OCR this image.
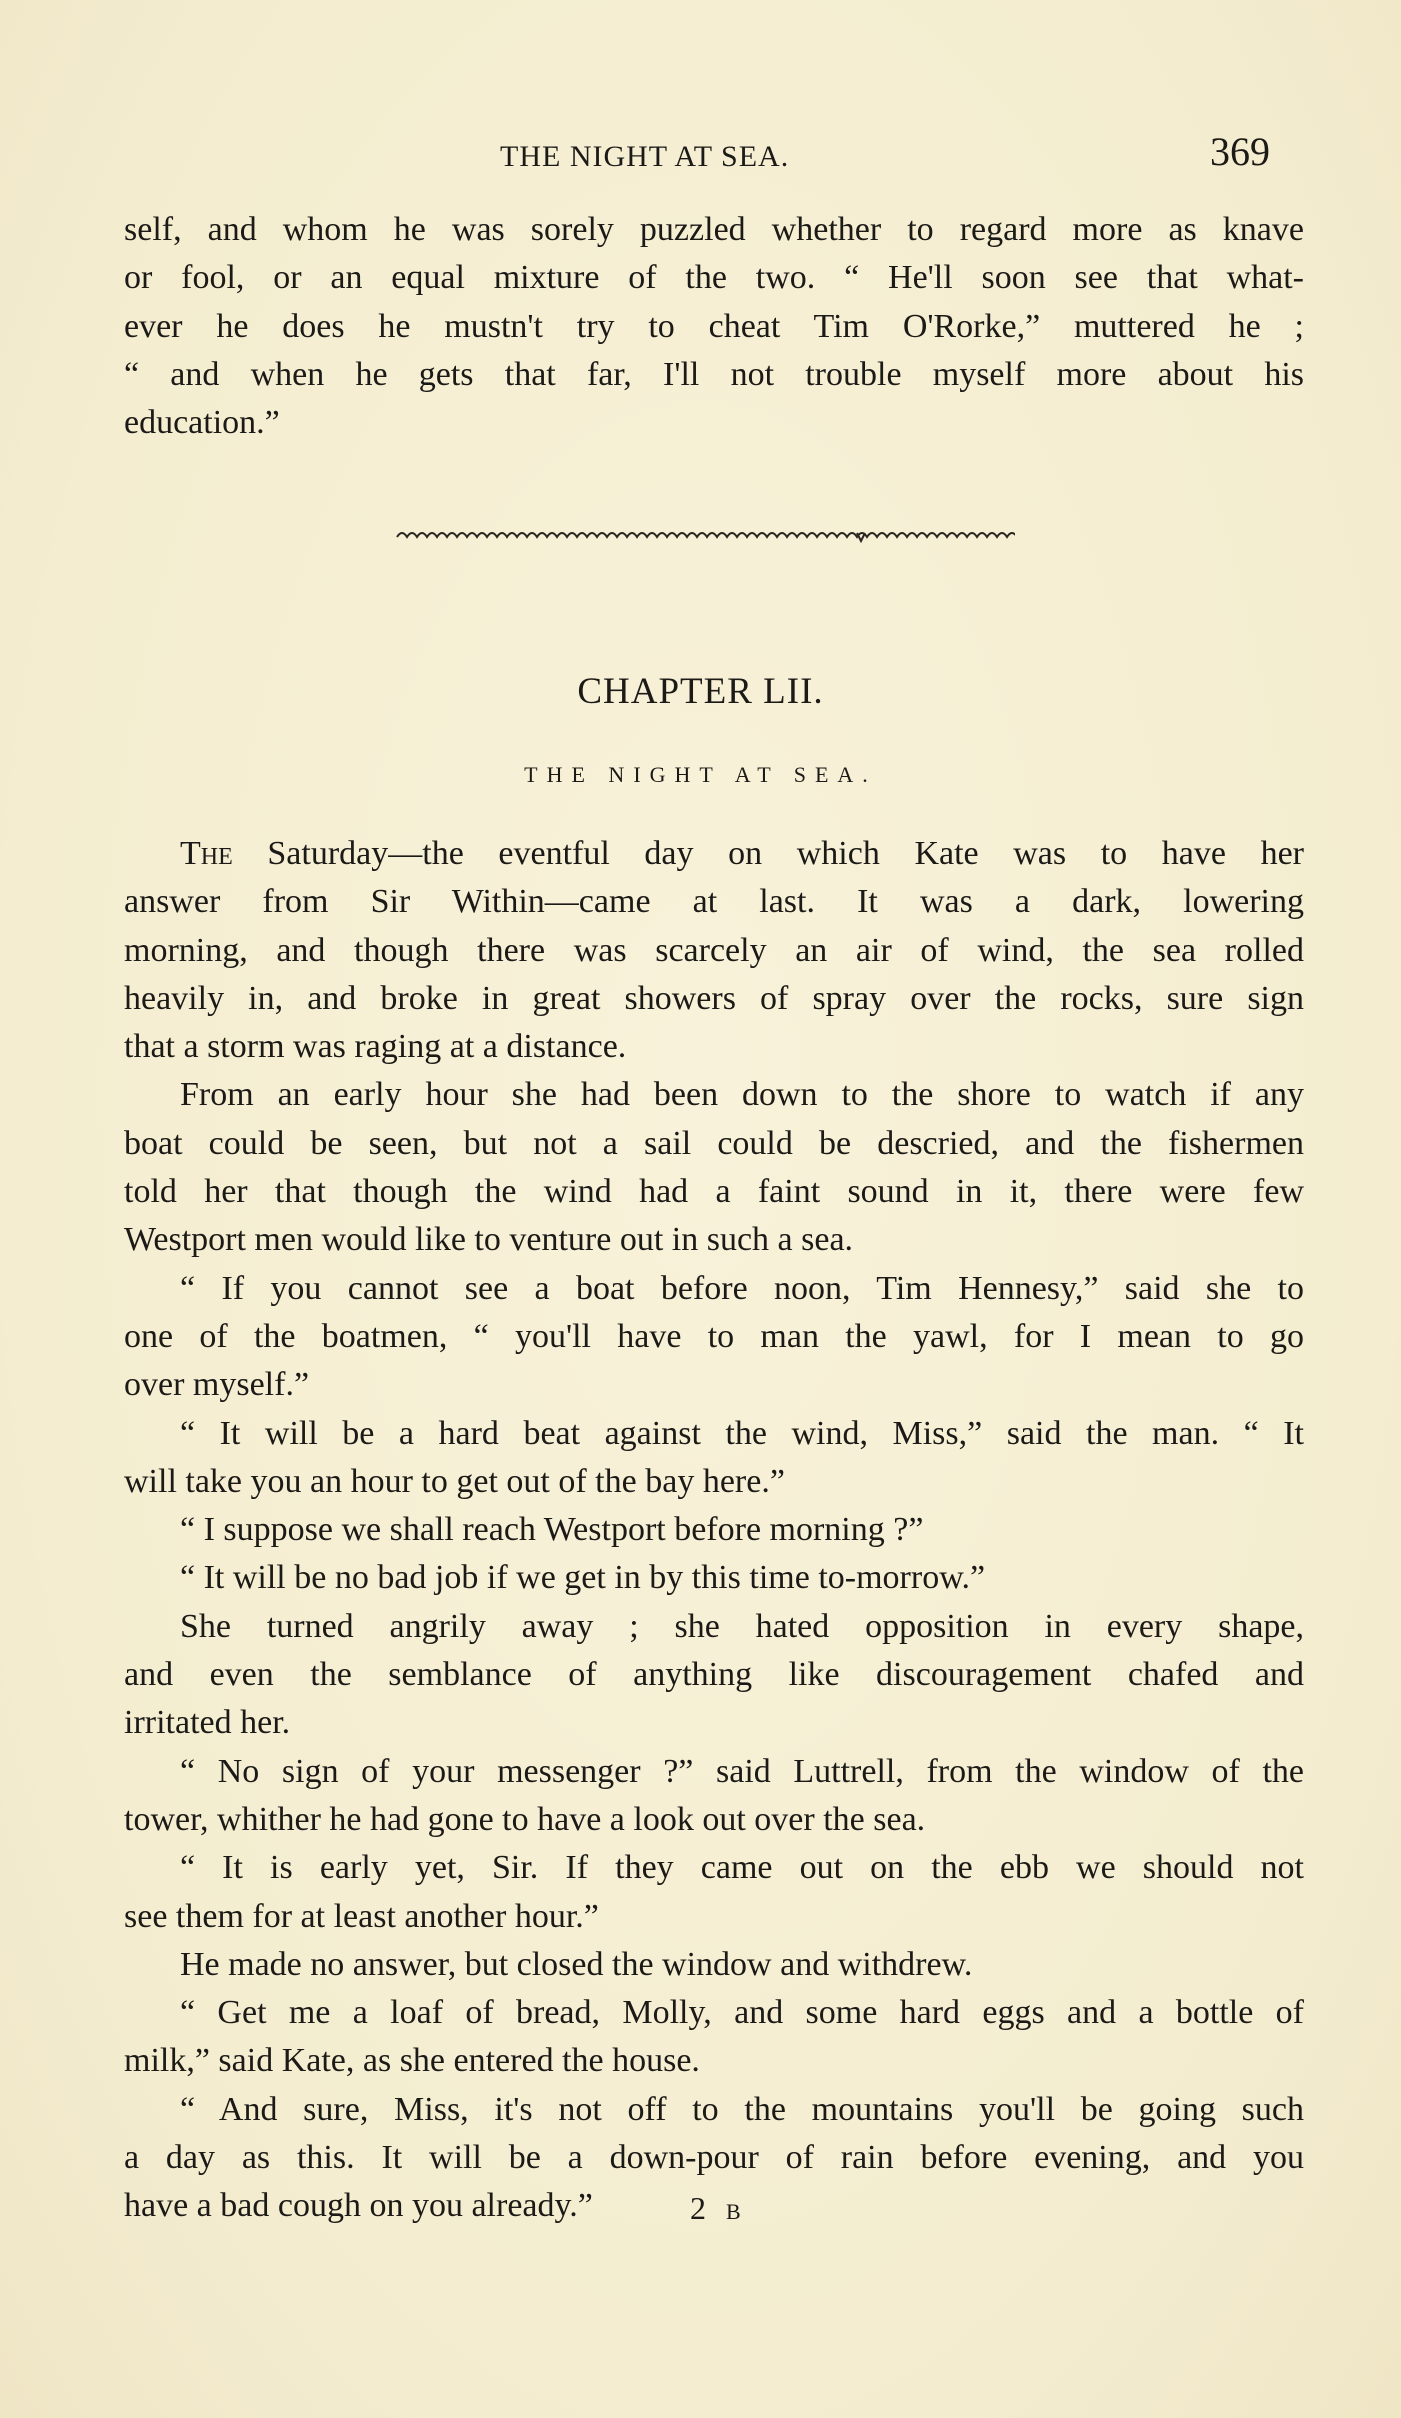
THE NIGHT AT SEA.	369
self, and whom he was sorely puzzled whether to regard more as knave
or fool, or an equal mixture of the two. “ He'll soon see that what-
ever he does he mustn't try to cheat Tim O'Rorke,” muttered he ;
“ and when he gets that far, I'll not trouble myself more about his
education.”
CHAPTER LII.
THE NIGHT AT SEA.
The Saturday—the eventful day on which Kate was to have her
answer from Sir Within—came at last. It was a dark, lowering
morning, and though there was scarcely an air of wind, the sea rolled
heavily in, and broke in great showers of spray over the rocks, sure sign
that a storm was raging at a distance.
From an early hour she had been down to the shore to watch if any
boat could be seen, but not a sail could be descried, and the fishermen
told her that though the wind had a faint sound in it, there were few
Westport men would like to venture out in such a sea.
“ If you cannot see a boat before noon, Tim Hennesy,” said she to
one of the boatmen, “ you'll have to man the yawl, for I mean to go
over myself.”
“ It will be a hard beat against the wind, Miss,” said the man. “ It
will take you an hour to get out of the bay here.”
“ I suppose we shall reach Westport before morning ?”
“ It will be no bad job if we get in by this time to-morrow.”
She turned angrily away ; she hated opposition in every shape,
and even the semblance of anything like discouragement chafed and
irritated her.
“ No sign of your messenger ?” said Luttrell, from the window of the
tower, whither he had gone to have a look out over the sea.
“ It is early yet, Sir. If they came out on the ebb we should not
see them for at least another hour.”
He made no answer, but closed the window and withdrew.
“ Get me a loaf of bread, Molly, and some hard eggs and a bottle of
milk,” said Kate, as she entered the house.
“ And sure, Miss, it's not off to the mountains you'll be going such
a day as this. It will be a down-pour of rain before evening, and you
have a bad cough on you already.”	2 B
